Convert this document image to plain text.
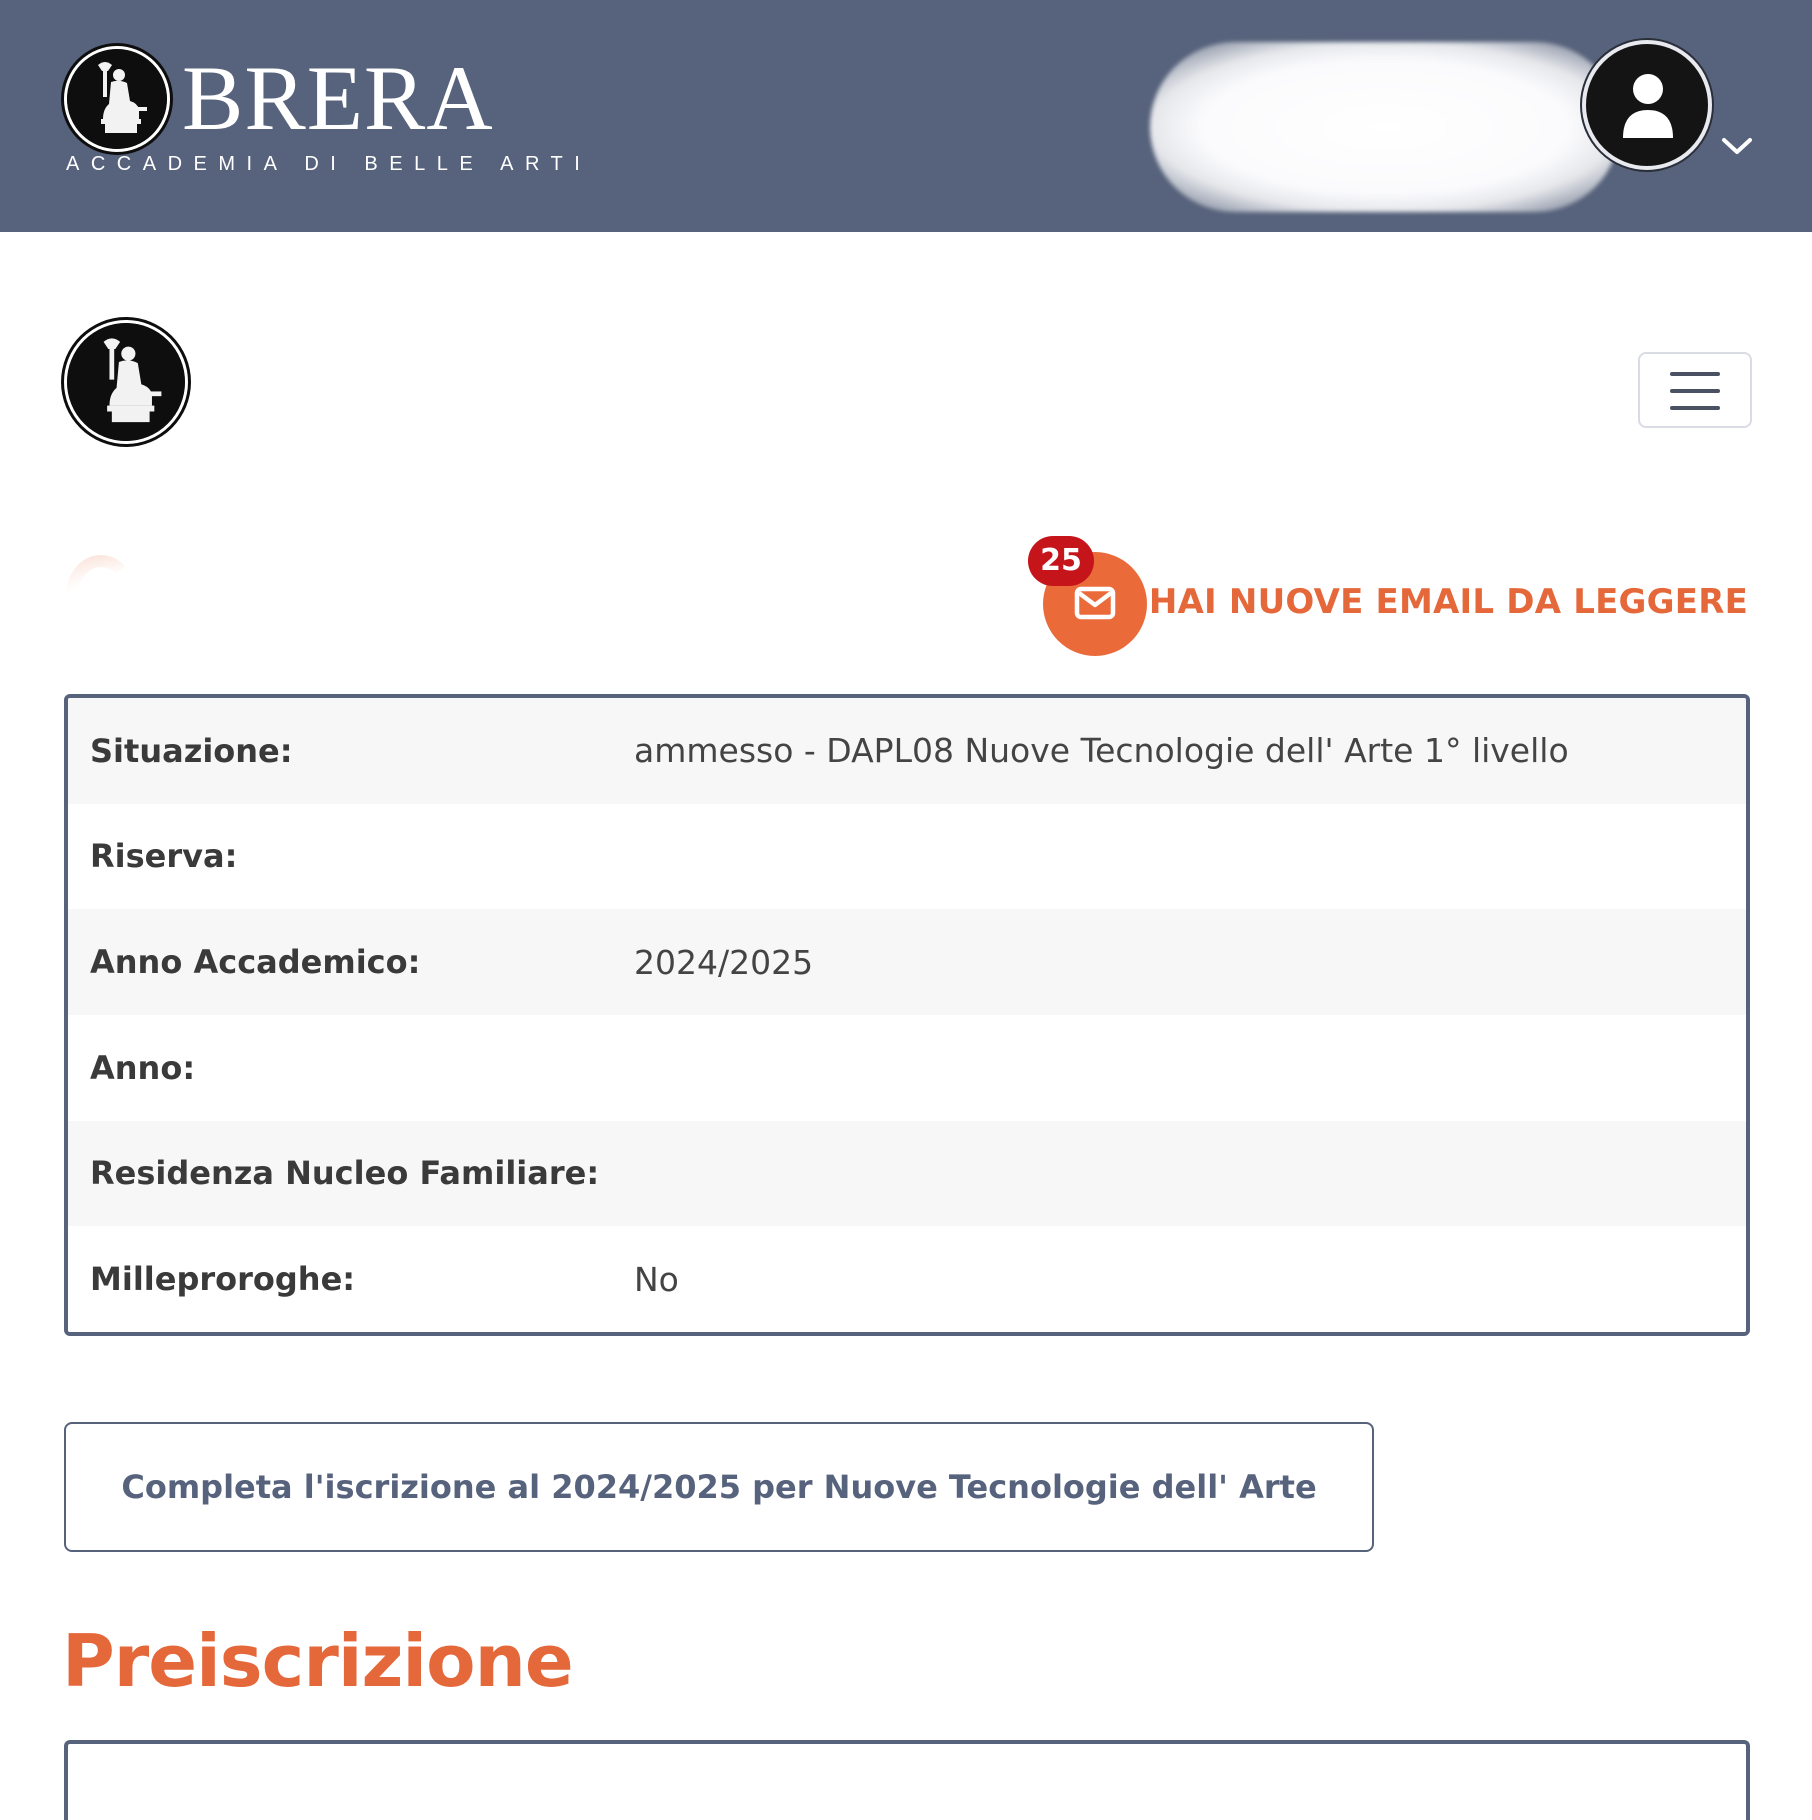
BRERA
ACCADEMIA DI BELLE ARTI
25
HAI NUOVE EMAIL DA LEGGERE
Situazione:	ammesso - DAPL08 Nuove Tecnologie dell' Arte 1° livello
Riserva:
Anno Accademico:	2024/2025
Anno:
Residenza Nucleo Familiare:
Milleproroghe:	No
Completa l'iscrizione al 2024/2025 per Nuove Tecnologie dell' Arte
Preiscrizione
